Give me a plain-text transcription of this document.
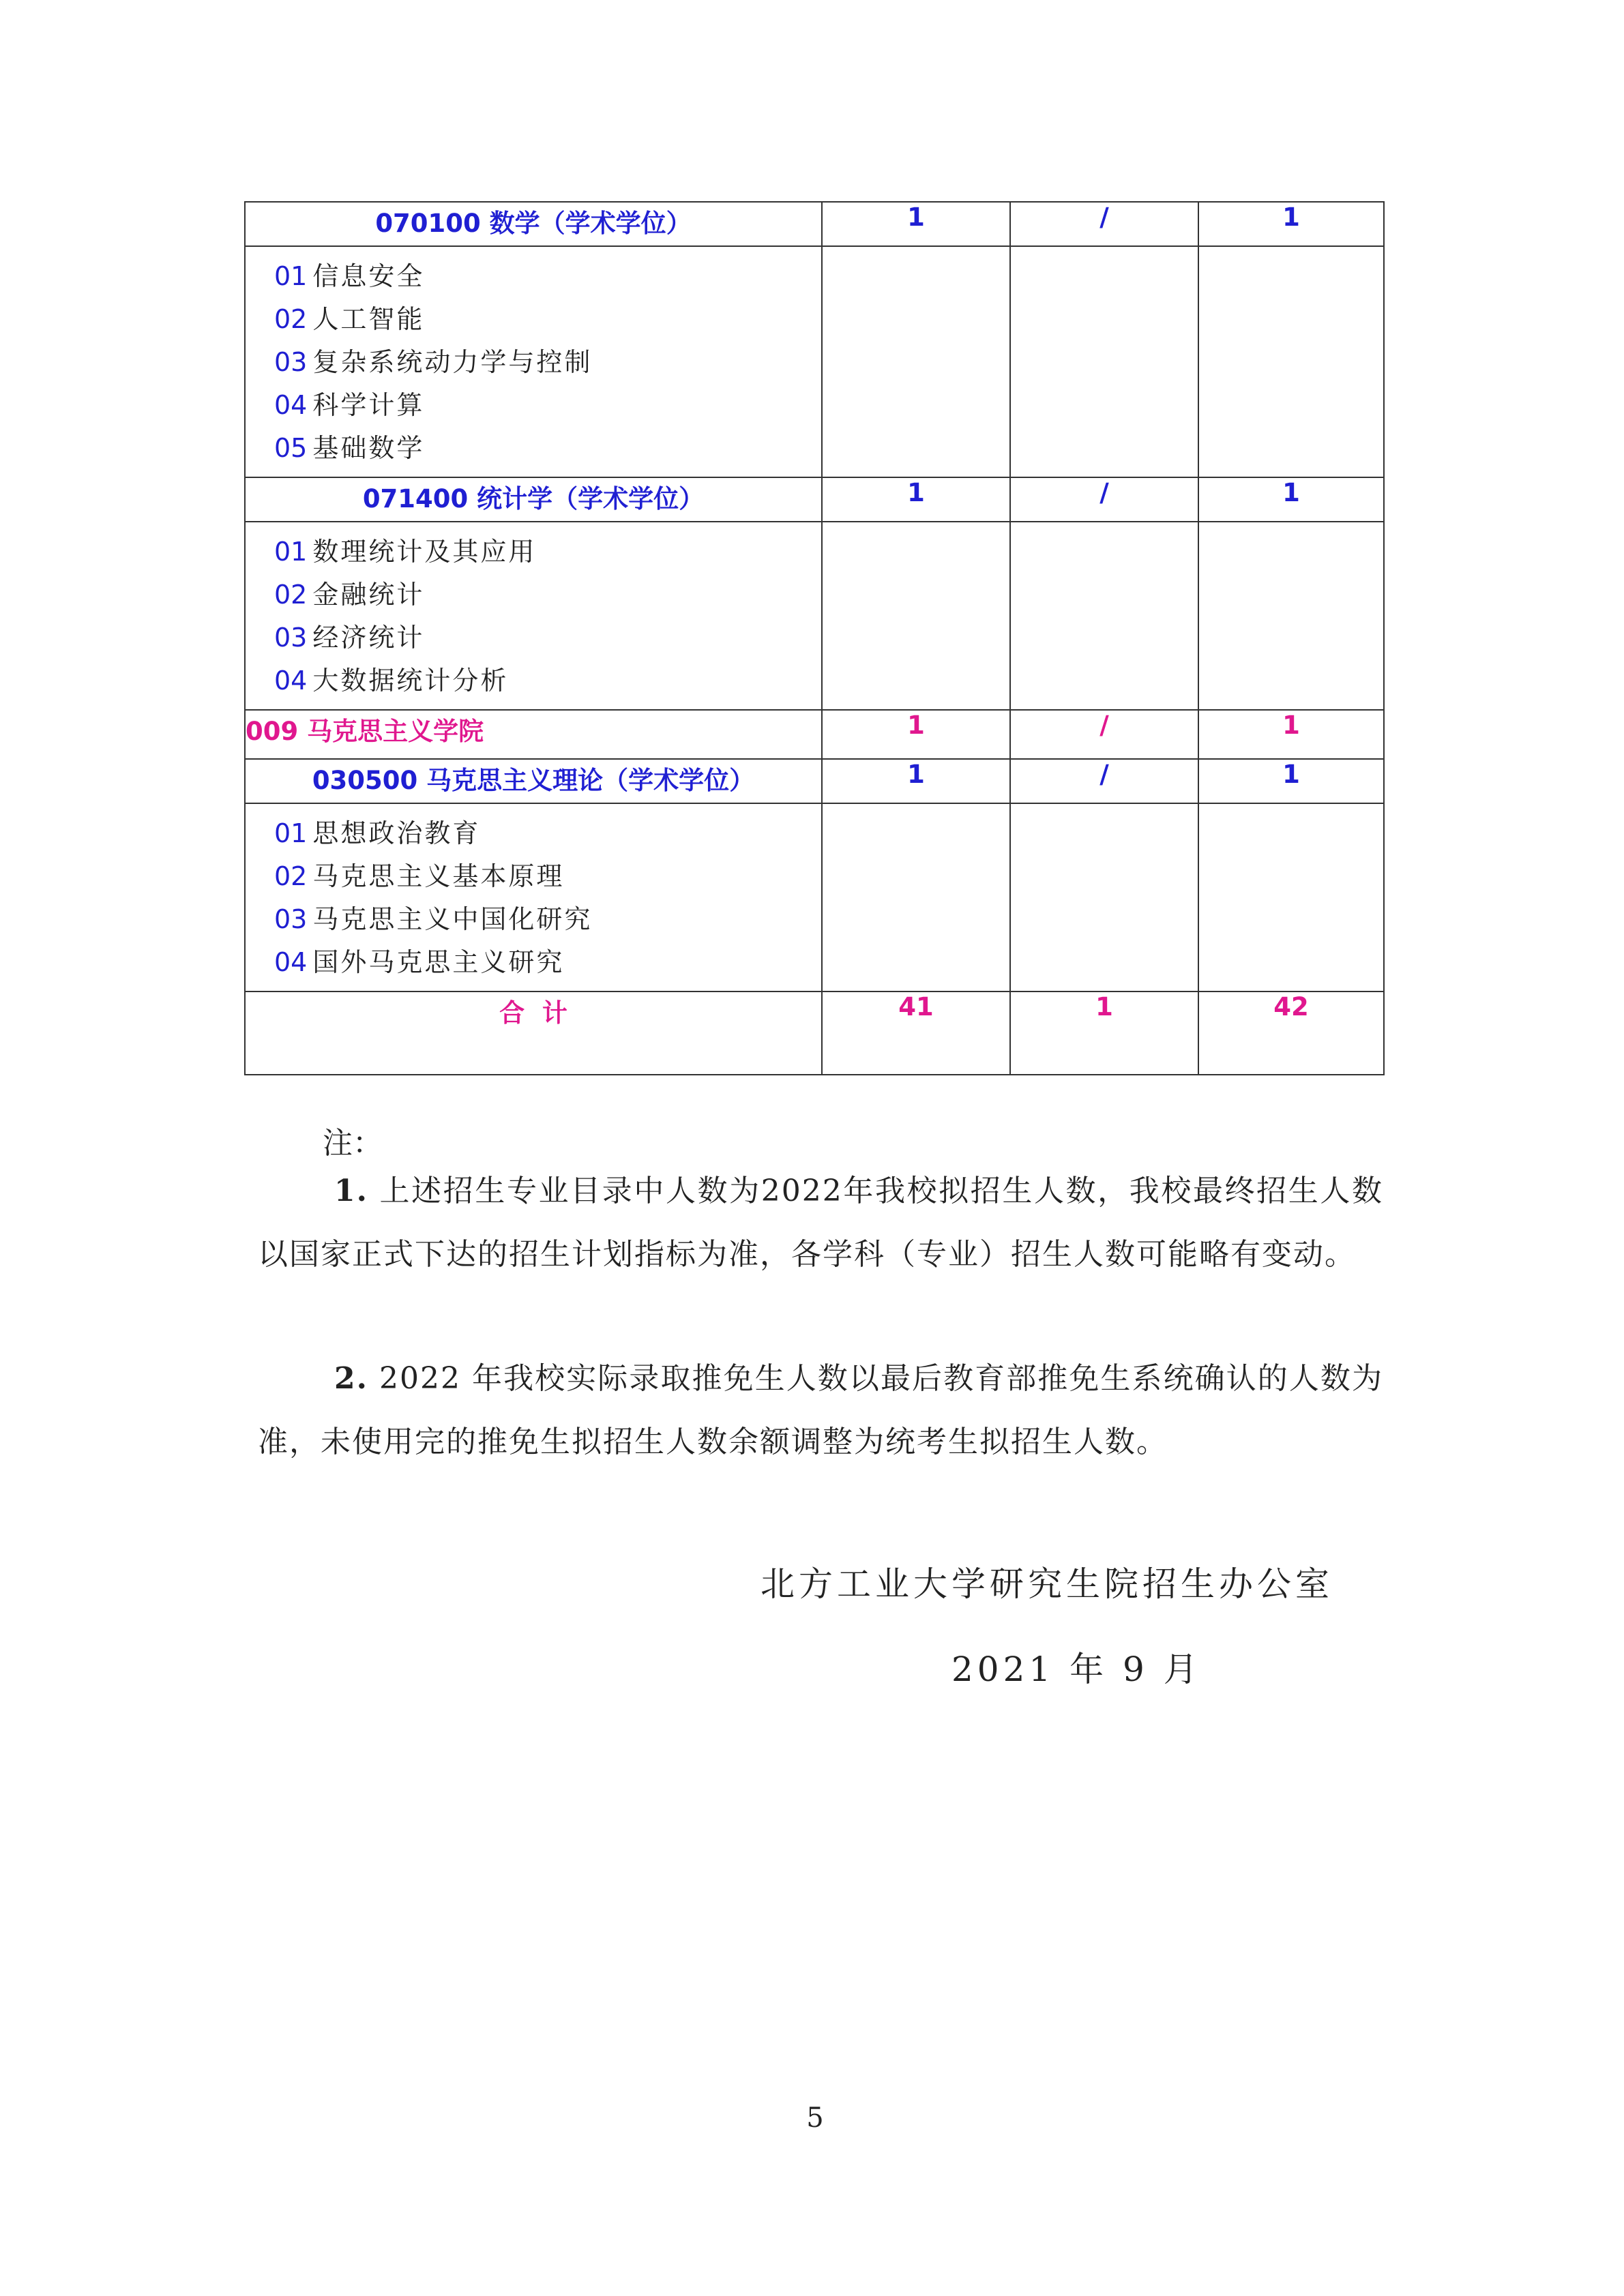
070100 数学（学术学位）	1	/	1

01 信息安全
02 人工智能
03 复杂系统动力学与控制
04 科学计算
05 基础数学			

071400 统计学（学术学位）	1	/	1

01 数理统计及其应用
02 金融统计
03 经济统计
04 大数据统计分析			

009 马克思主义学院	1	/	1
030500 马克思主义理论（学术学位）	1	/	1

01 思想政治教育
02 马克思主义基本原理
03 马克思主义中国化研究
04 国外马克思主义研究			

合  计	41	1	42
注：
1. 上述招生专业目录中人数为2022年我校拟招生人数，我校最终招生人数以国家正式下达的招生计划指标为准，各学科（专业）招生人数可能略有变动。
2. 2022 年我校实际录取推免生人数以最后教育部推免生系统确认的人数为准，未使用完的推免生拟招生人数余额调整为统考生拟招生人数。
北方工业大学研究生院招生办公室
2021 年 9 月
5
